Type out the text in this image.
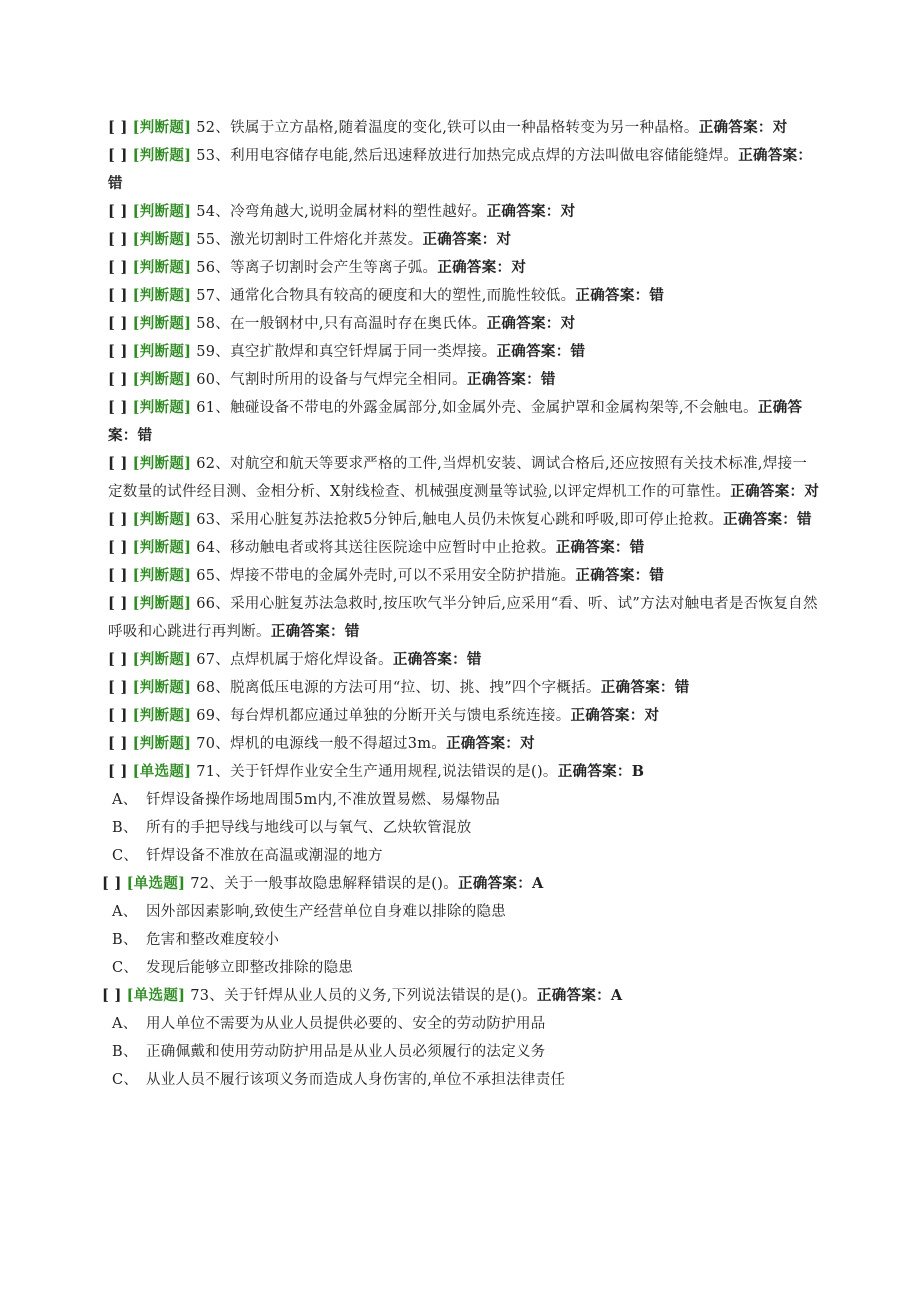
[ ] [判断题] 52、铁属于立方晶格,随着温度的变化,铁可以由一种晶格转变为另一种晶格。正确答案：对

[ ] [判断题] 53、利用电容储存电能,然后迅速释放进行加热完成点焊的方法叫做电容储能缝焊。正确答案：错

[ ] [判断题] 54、冷弯角越大,说明金属材料的塑性越好。正确答案：对

[ ] [判断题] 55、激光切割时工件熔化并蒸发。正确答案：对

[ ] [判断题] 56、等离子切割时会产生等离子弧。正确答案：对

[ ] [判断题] 57、通常化合物具有较高的硬度和大的塑性,而脆性较低。正确答案：错

[ ] [判断题] 58、在一般钢材中,只有高温时存在奥氏体。正确答案：对

[ ] [判断题] 59、真空扩散焊和真空钎焊属于同一类焊接。正确答案：错

[ ] [判断题] 60、气割时所用的设备与气焊完全相同。正确答案：错

[ ] [判断题] 61、触碰设备不带电的外露金属部分,如金属外壳、金属护罩和金属构架等,不会触电。正确答案：错

[ ] [判断题] 62、对航空和航天等要求严格的工件,当焊机安装、调试合格后,还应按照有关技术标准,焊接一定数量的试件经目测、金相分析、X射线检查、机械强度测量等试验,以评定焊机工作的可靠性。正确答案：对

[ ] [判断题] 63、采用心脏复苏法抢救5分钟后,触电人员仍未恢复心跳和呼吸,即可停止抢救。正确答案：错

[ ] [判断题] 64、移动触电者或将其送往医院途中应暂时中止抢救。正确答案：错

[ ] [判断题] 65、焊接不带电的金属外壳时,可以不采用安全防护措施。正确答案：错

[ ] [判断题] 66、采用心脏复苏法急救时,按压吹气半分钟后,应采用“看、听、试”方法对触电者是否恢复自然呼吸和心跳进行再判断。正确答案：错

[ ] [判断题] 67、点焊机属于熔化焊设备。正确答案：错

[ ] [判断题] 68、脱离低压电源的方法可用“拉、切、挑、拽”四个字概括。正确答案：错

[ ] [判断题] 69、每台焊机都应通过单独的分断开关与馈电系统连接。正确答案：对

[ ] [判断题] 70、焊机的电源线一般不得超过3m。正确答案：对

[ ] [单选题] 71、关于钎焊作业安全生产通用规程,说法错误的是()。正确答案：B

A、 钎焊设备操作场地周围5m内,不准放置易燃、易爆物品

B、 所有的手把导线与地线可以与氧气、乙炔软管混放

C、 钎焊设备不准放在高温或潮湿的地方

[ ] [单选题] 72、关于一般事故隐患解释错误的是()。正确答案：A

A、 因外部因素影响,致使生产经营单位自身难以排除的隐患

B、 危害和整改难度较小

C、 发现后能够立即整改排除的隐患

[ ] [单选题] 73、关于钎焊从业人员的义务,下列说法错误的是()。正确答案：A

A、 用人单位不需要为从业人员提供必要的、安全的劳动防护用品

B、 正确佩戴和使用劳动防护用品是从业人员必须履行的法定义务

C、 从业人员不履行该项义务而造成人身伤害的,单位不承担法律责任
